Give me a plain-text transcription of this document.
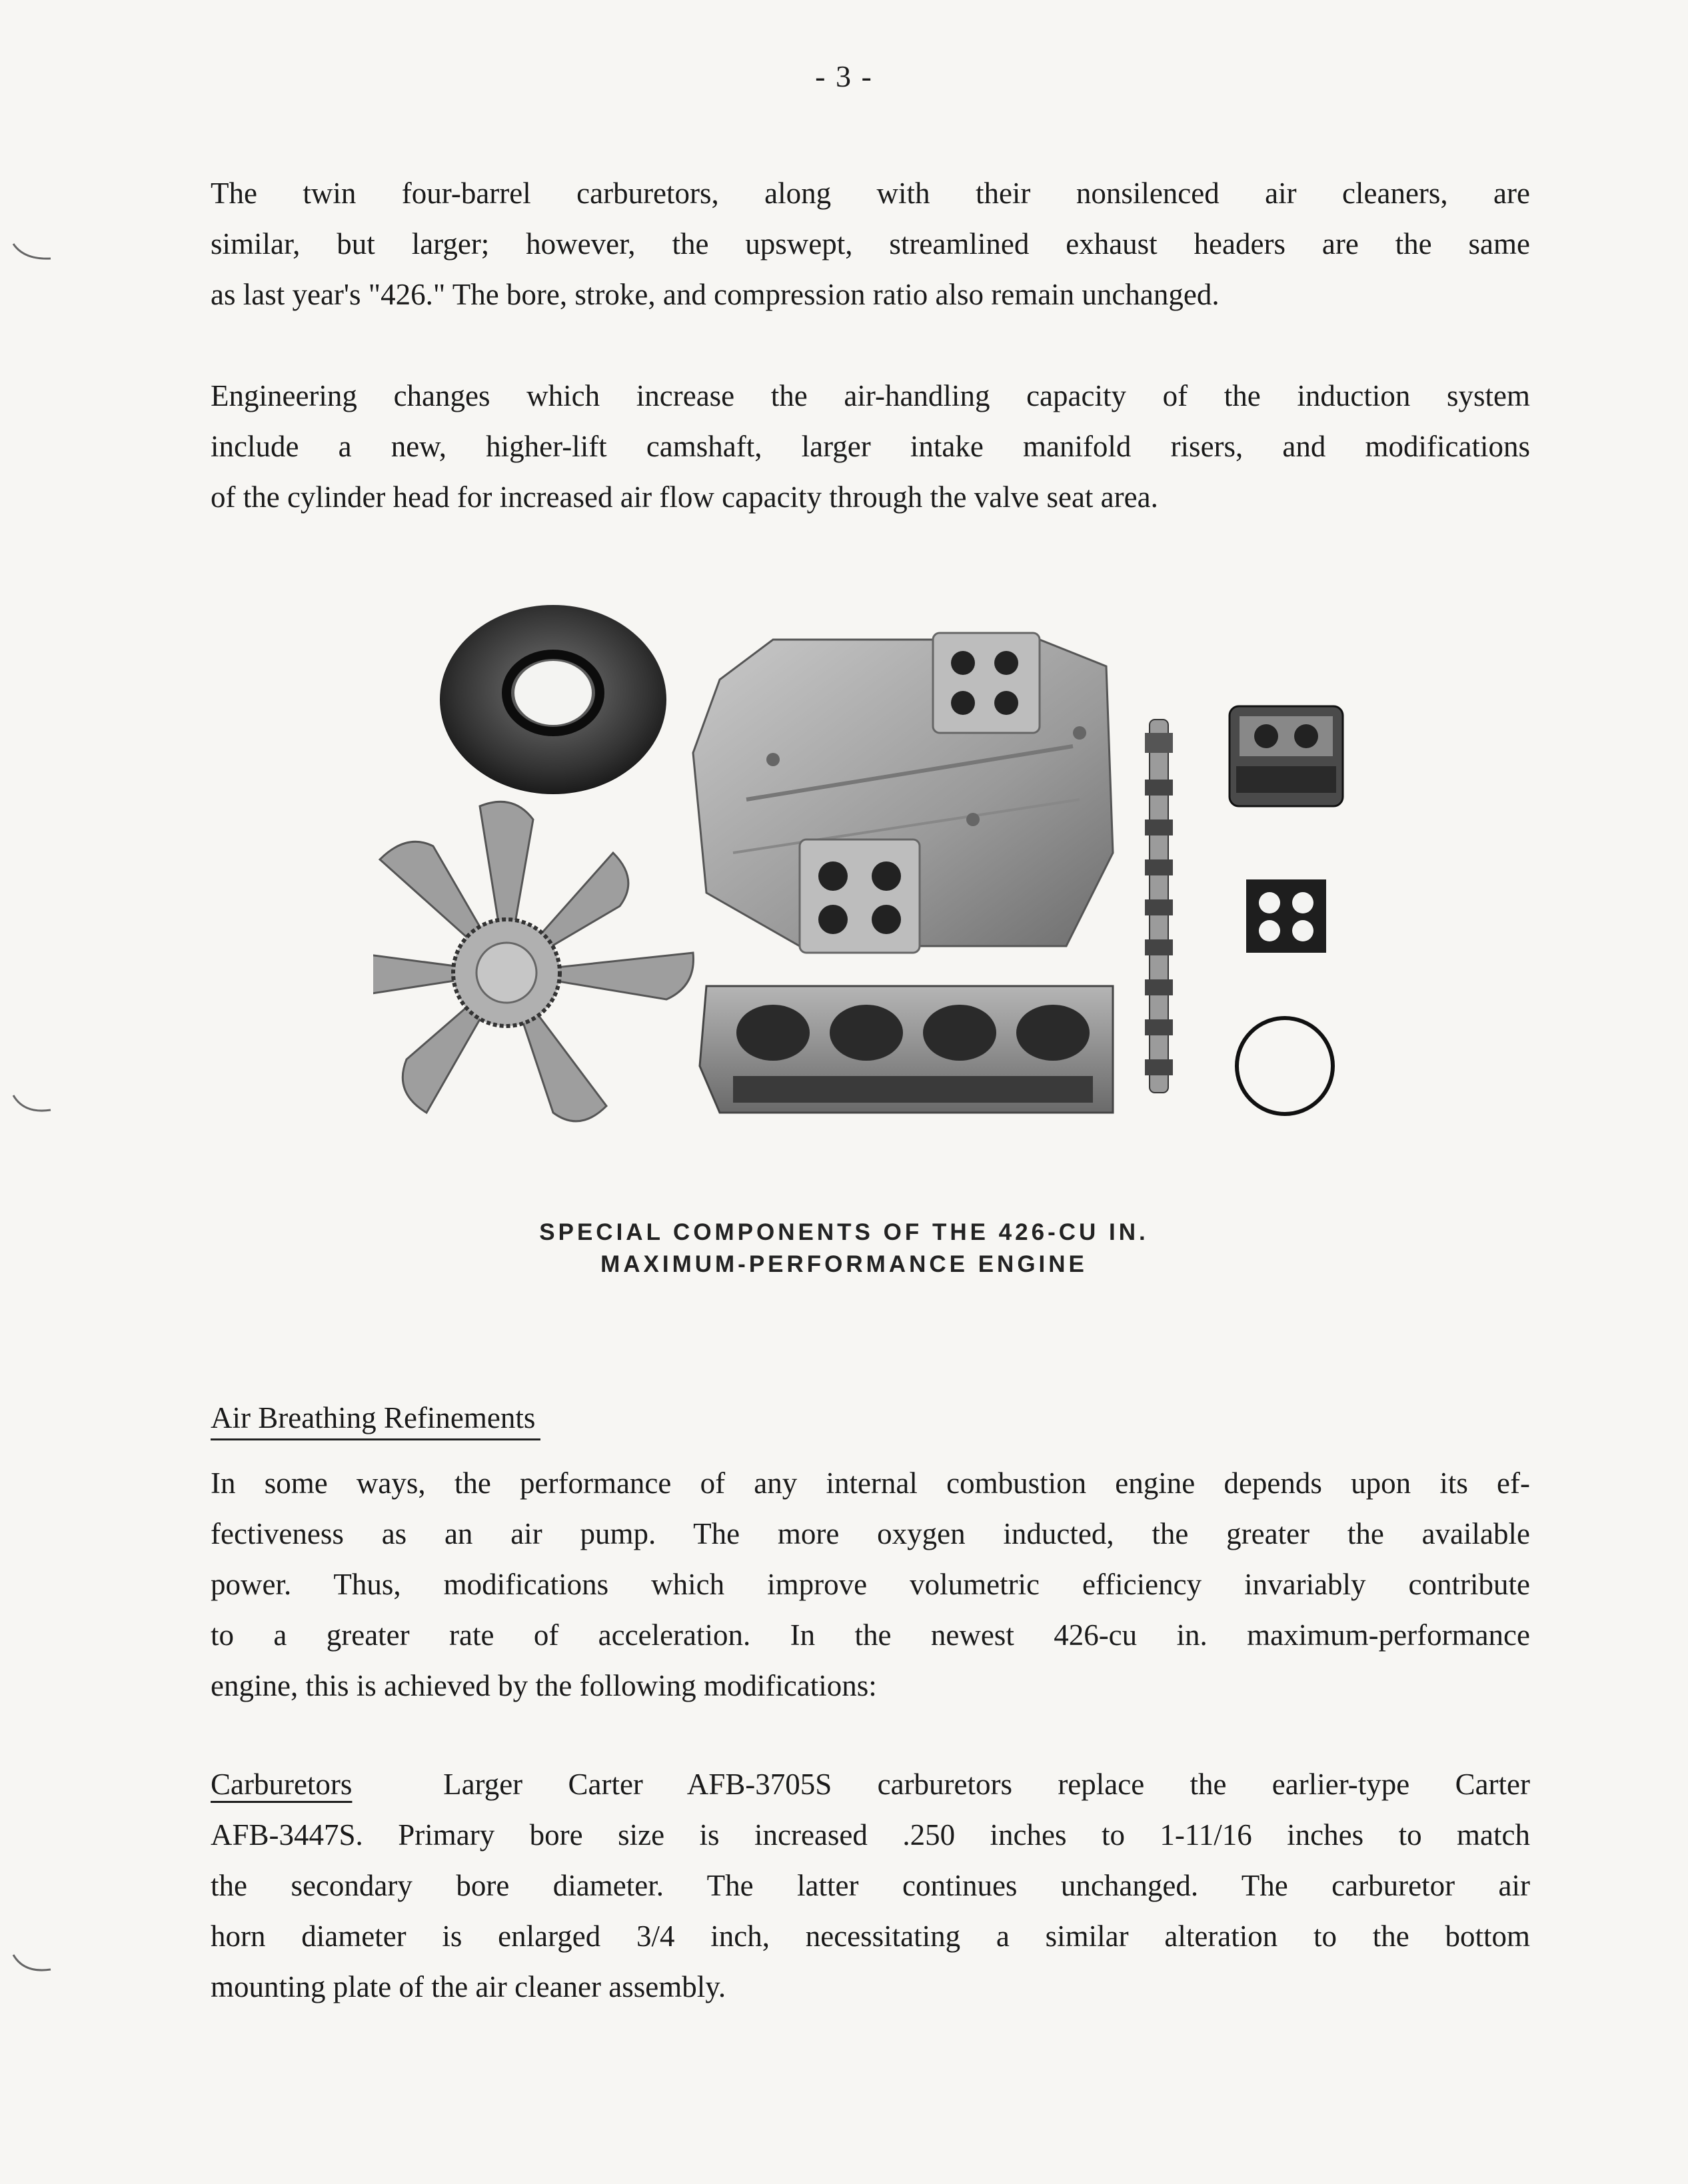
- 3 -
The twin four-barrel carburetors, along with their nonsilenced air cleaners, are
similar, but larger; however, the upswept, streamlined exhaust headers are the same
as last year's "426." The bore, stroke, and compression ratio also remain unchanged.
Engineering changes which increase the air-handling capacity of the induction system
include a new, higher-lift camshaft, larger intake manifold risers, and modifications
of the cylinder head for increased air flow capacity through the valve seat area.
SPECIAL COMPONENTS OF THE 426-CU IN.
MAXIMUM-PERFORMANCE ENGINE
Air Breathing Refinements
In some ways, the performance of any internal combustion engine depends upon its ef-
fectiveness as an air pump. The more oxygen inducted, the greater the available
power. Thus, modifications which improve volumetric efficiency invariably contribute
to a greater rate of acceleration. In the newest 426-cu in. maximum-performance
engine, this is achieved by the following modifications:
Carburetors	Larger Carter AFB-3705S carburetors replace the earlier-type Carter
AFB-3447S. Primary bore size is increased .250 inches to 1-11/16 inches to match
the secondary bore diameter. The latter continues unchanged. The carburetor air
horn diameter is enlarged 3/4 inch, necessitating a similar alteration to the bottom
mounting plate of the air cleaner assembly.
